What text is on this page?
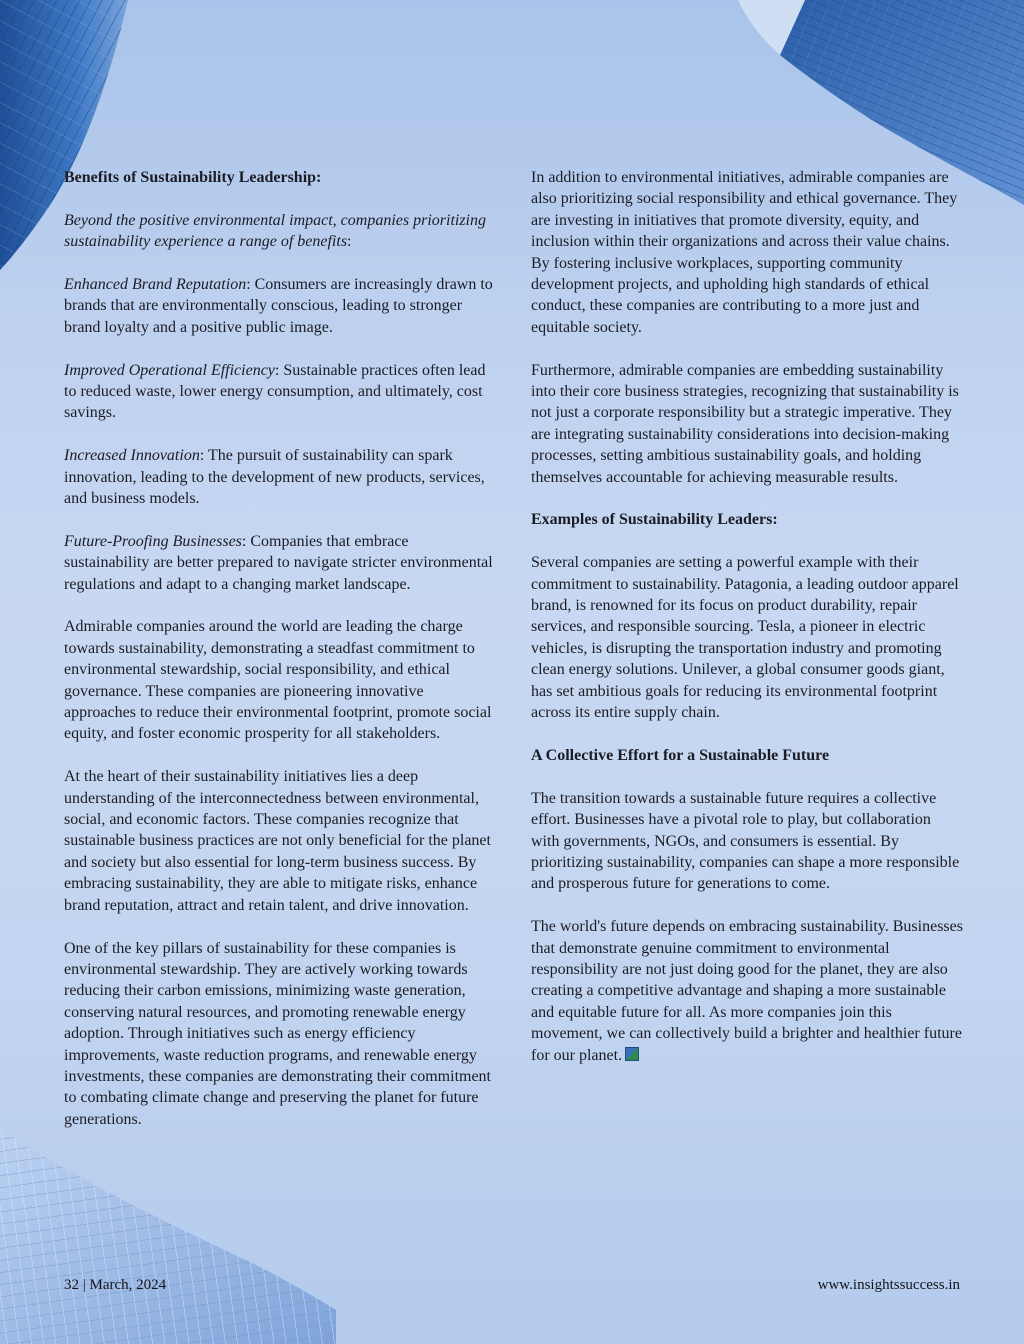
Benefits of Sustainability Leadership:

Beyond the positive environmental impact, companies prioritizing sustainability experience a range of benefits:

Enhanced Brand Reputation: Consumers are increasingly drawn to brands that are environmentally conscious, leading to stronger brand loyalty and a positive public image.

Improved Operational Efficiency: Sustainable practices often lead to reduced waste, lower energy consumption, and ultimately, cost savings.

Increased Innovation: The pursuit of sustainability can spark innovation, leading to the development of new products, services, and business models.

Future-Proofing Businesses: Companies that embrace sustainability are better prepared to navigate stricter environmental regulations and adapt to a changing market landscape.

Admirable companies around the world are leading the charge towards sustainability, demonstrating a steadfast commitment to environmental stewardship, social responsibility, and ethical governance. These companies are pioneering innovative approaches to reduce their environmental footprint, promote social equity, and foster economic prosperity for all stakeholders.

At the heart of their sustainability initiatives lies a deep understanding of the interconnectedness between environmental, social, and economic factors. These companies recognize that sustainable business practices are not only beneficial for the planet and society but also essential for long-term business success. By embracing sustainability, they are able to mitigate risks, enhance brand reputation, attract and retain talent, and drive innovation.

One of the key pillars of sustainability for these companies is environmental stewardship. They are actively working towards reducing their carbon emissions, minimizing waste generation, conserving natural resources, and promoting renewable energy adoption. Through initiatives such as energy efficiency improvements, waste reduction programs, and renewable energy investments, these companies are demonstrating their commitment to combating climate change and preserving the planet for future generations.

In addition to environmental initiatives, admirable companies are also prioritizing social responsibility and ethical governance. They are investing in initiatives that promote diversity, equity, and inclusion within their organizations and across their value chains. By fostering inclusive workplaces, supporting community development projects, and upholding high standards of ethical conduct, these companies are contributing to a more just and equitable society.

Furthermore, admirable companies are embedding sustainability into their core business strategies, recognizing that sustainability is not just a corporate responsibility but a strategic imperative. They are integrating sustainability considerations into decision-making processes, setting ambitious sustainability goals, and holding themselves accountable for achieving measurable results.

Examples of Sustainability Leaders:

Several companies are setting a powerful example with their commitment to sustainability. Patagonia, a leading outdoor apparel brand, is renowned for its focus on product durability, repair services, and responsible sourcing. Tesla, a pioneer in electric vehicles, is disrupting the transportation industry and promoting clean energy solutions. Unilever, a global consumer goods giant, has set ambitious goals for reducing its environmental footprint across its entire supply chain.

A Collective Effort for a Sustainable Future

The transition towards a sustainable future requires a collective effort. Businesses have a pivotal role to play, but collaboration with governments, NGOs, and consumers is essential. By prioritizing sustainability, companies can shape a more responsible and prosperous future for generations to come.

The world's future depends on embracing sustainability. Businesses that demonstrate genuine commitment to environmental responsibility are not just doing good for the planet, they are also creating a competitive advantage and shaping a more sustainable and equitable future for all. As more companies join this movement, we can collectively build a brighter and healthier future for our planet.

32 | March, 2024	www.insightssuccess.in
